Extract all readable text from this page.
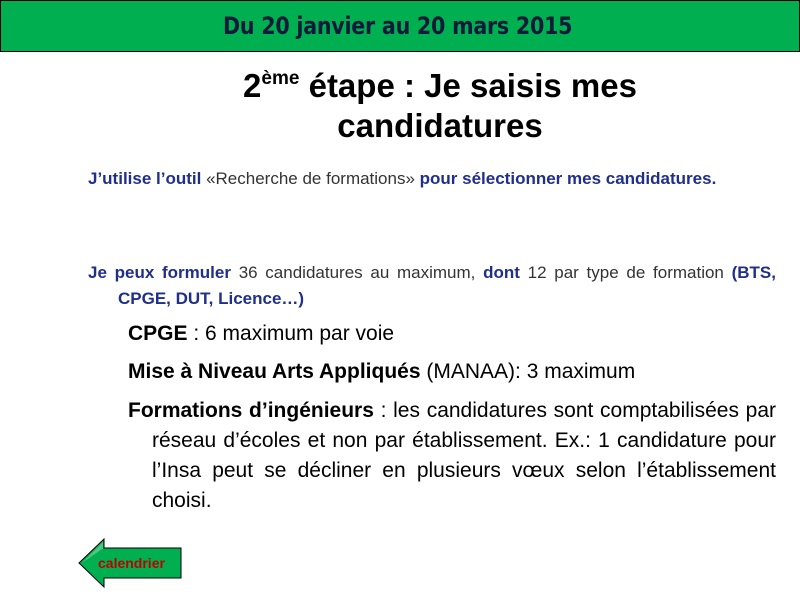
Du 20 janvier au 20 mars 2015
2ème étape : Je saisis mes candidatures
J’utilise l’outil «Recherche de formations» pour sélectionner mes candidatures.
Je peux formuler 36 candidatures au maximum, dont 12 par type de formation (BTS, CPGE, DUT, Licence…)
CPGE : 6 maximum par voie
Mise à Niveau Arts Appliqués (MANAA): 3 maximum
Formations d’ingénieurs : les candidatures sont comptabilisées par réseau d’écoles et non par établissement. Ex.: 1 candidature pour l’Insa peut se décliner en plusieurs vœux selon l’établissement choisi.
calendrier
